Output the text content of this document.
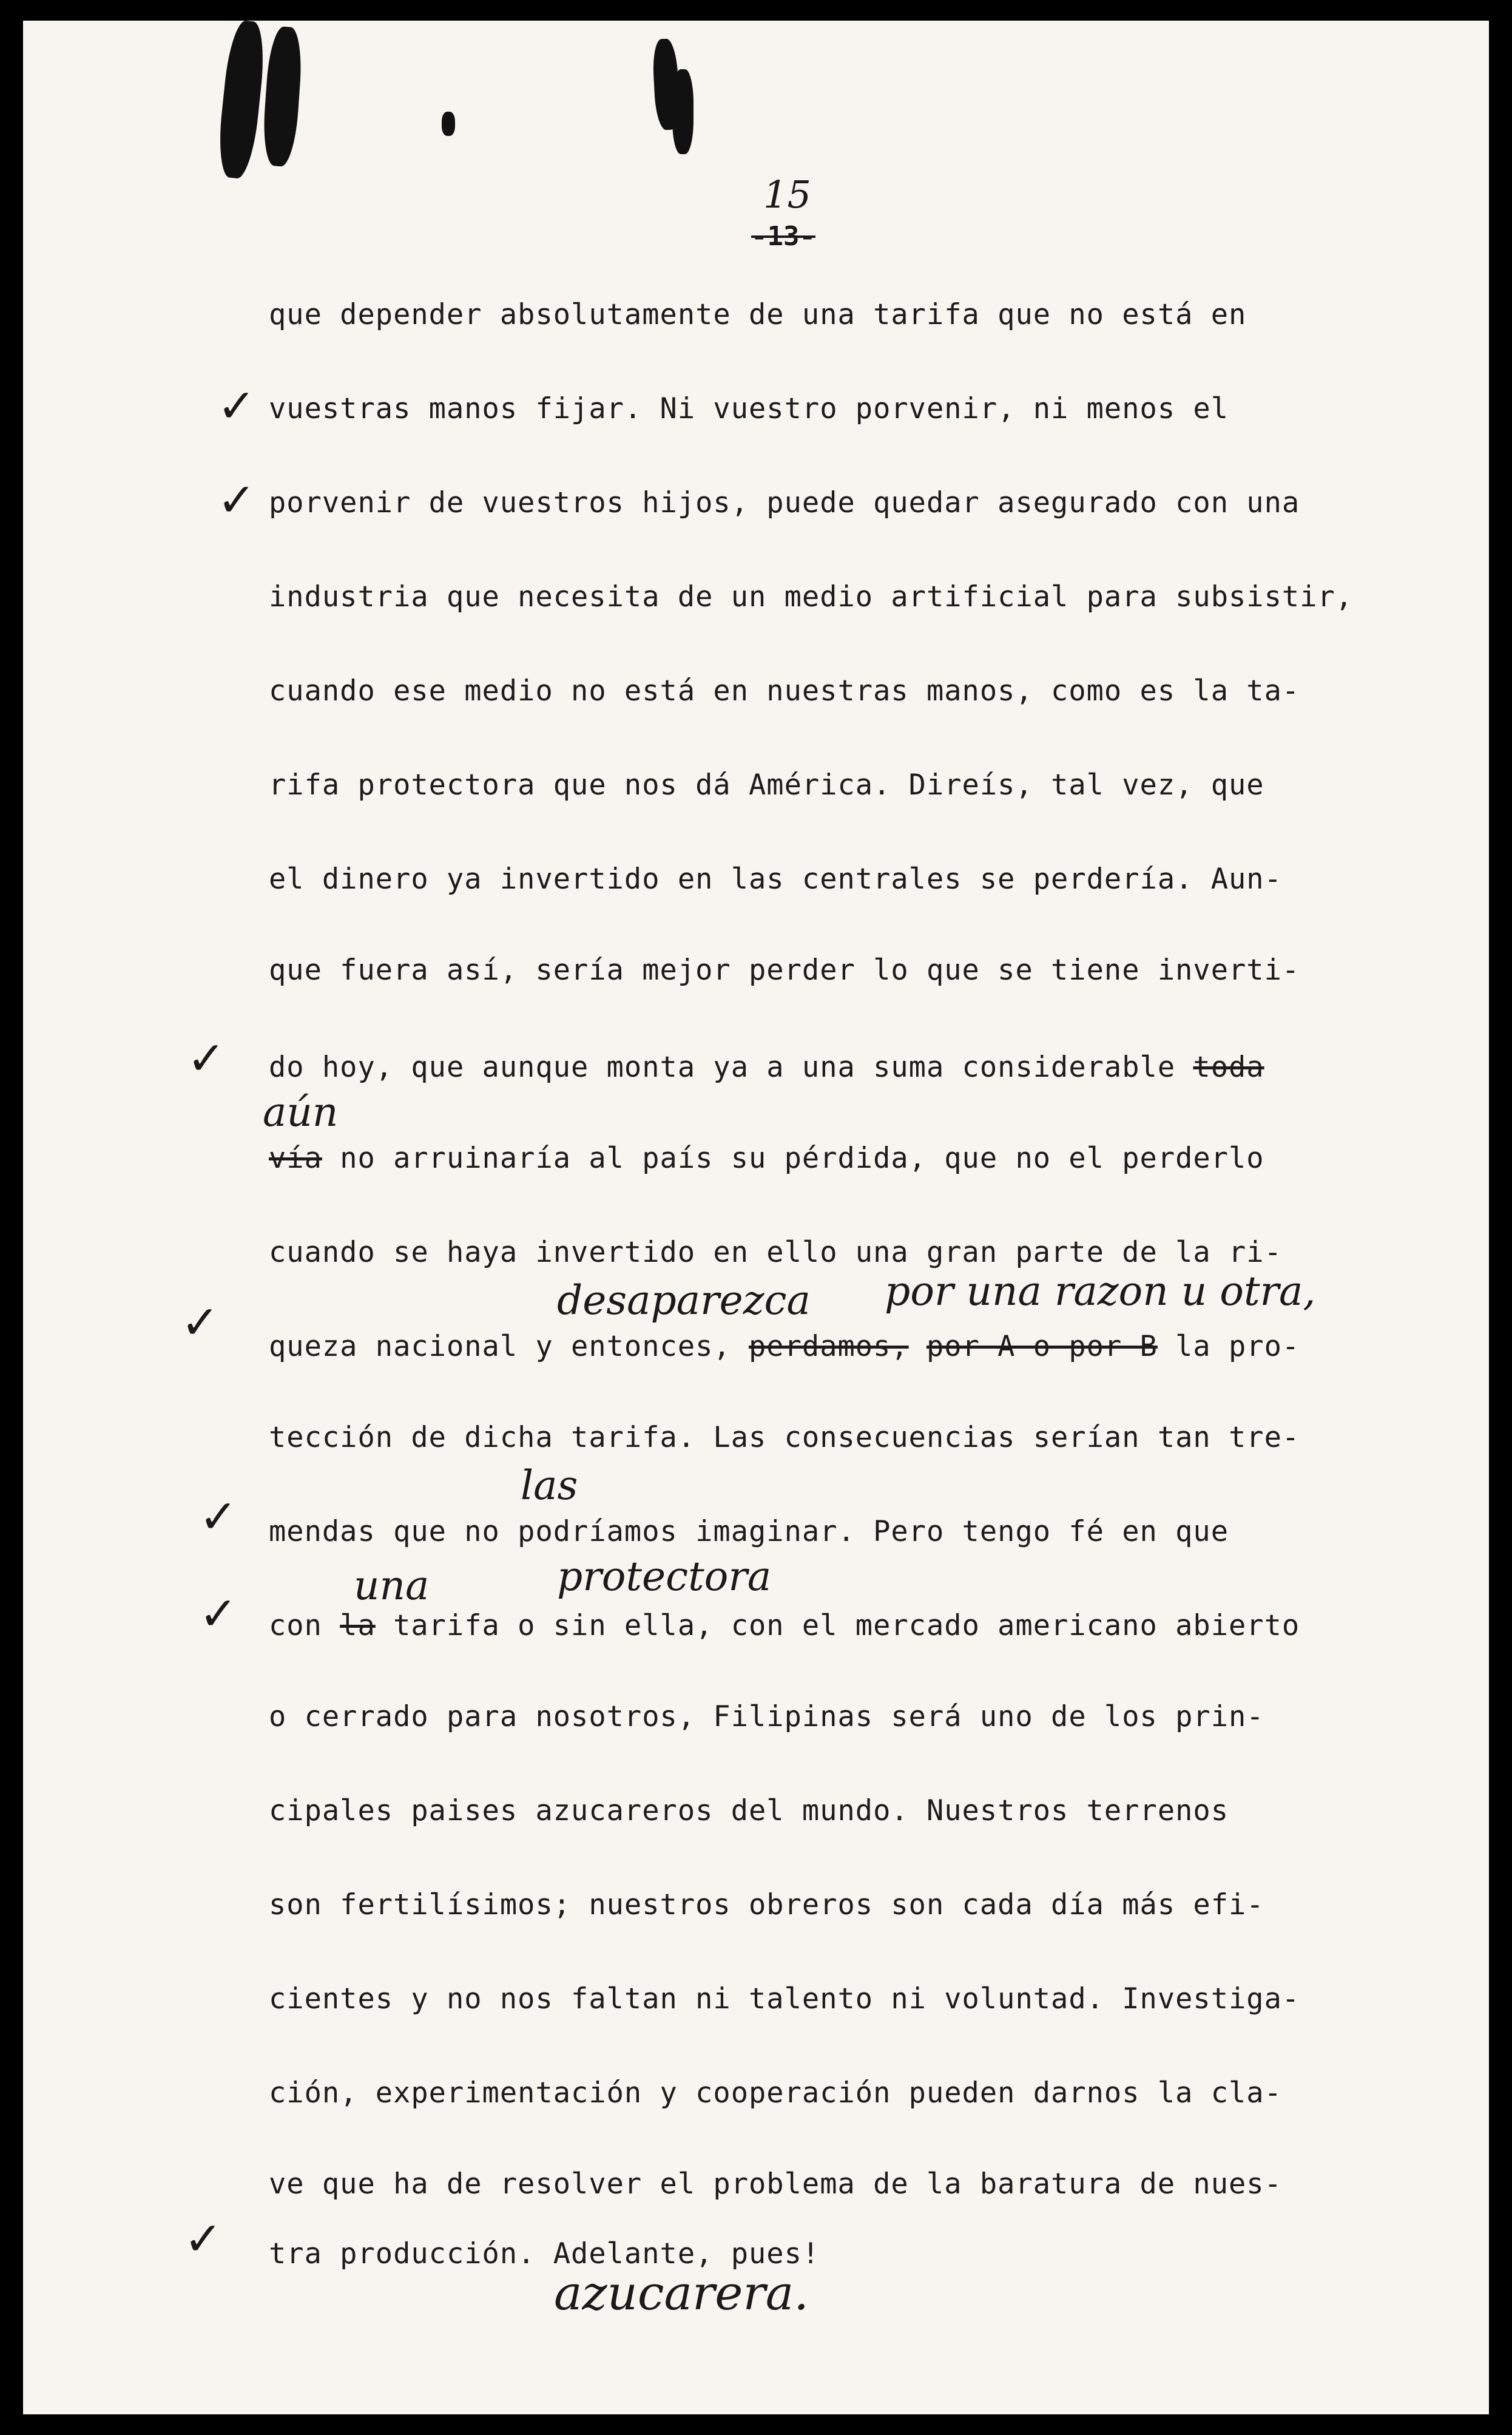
15
-13-
que depender absolutamente de una tarifa que no está en
vuestras manos fijar. Ni vuestro porvenir, ni menos el
porvenir de vuestros hijos, puede quedar asegurado con una
industria que necesita de un medio artificial para subsistir,
cuando ese medio no está en nuestras manos, como es la ta-
rifa protectora que nos dá América. Direís, tal vez, que
el dinero ya invertido en las centrales se perdería. Aun-
que fuera así, sería mejor perder lo que se tiene inverti-
do hoy, que aunque monta ya a una suma considerable toda
vía no arruinaría al país su pérdida, que no el perderlo
cuando se haya invertido en ello una gran parte de la ri-
queza nacional y entonces, perdamos, por A o por B la pro-
tección de dicha tarifa. Las consecuencias serían tan tre-
mendas que no podríamos imaginar. Pero tengo fé en que
con la tarifa o sin ella, con el mercado americano abierto
o cerrado para nosotros, Filipinas será uno de los prin-
cipales paises azucareros del mundo. Nuestros terrenos
son fertilísimos; nuestros obreros son cada día más efi-
cientes y no nos faltan ni talento ni voluntad. Investiga-
ción, experimentación y cooperación pueden darnos la cla-
ve que ha de resolver el problema de la baratura de nues-
tra producción. Adelante, pues!
aún
desaparezca por una razon u otra,
las
una	protectora
azucarera.
✓
✓
✓
✓
✓
✓
✓
